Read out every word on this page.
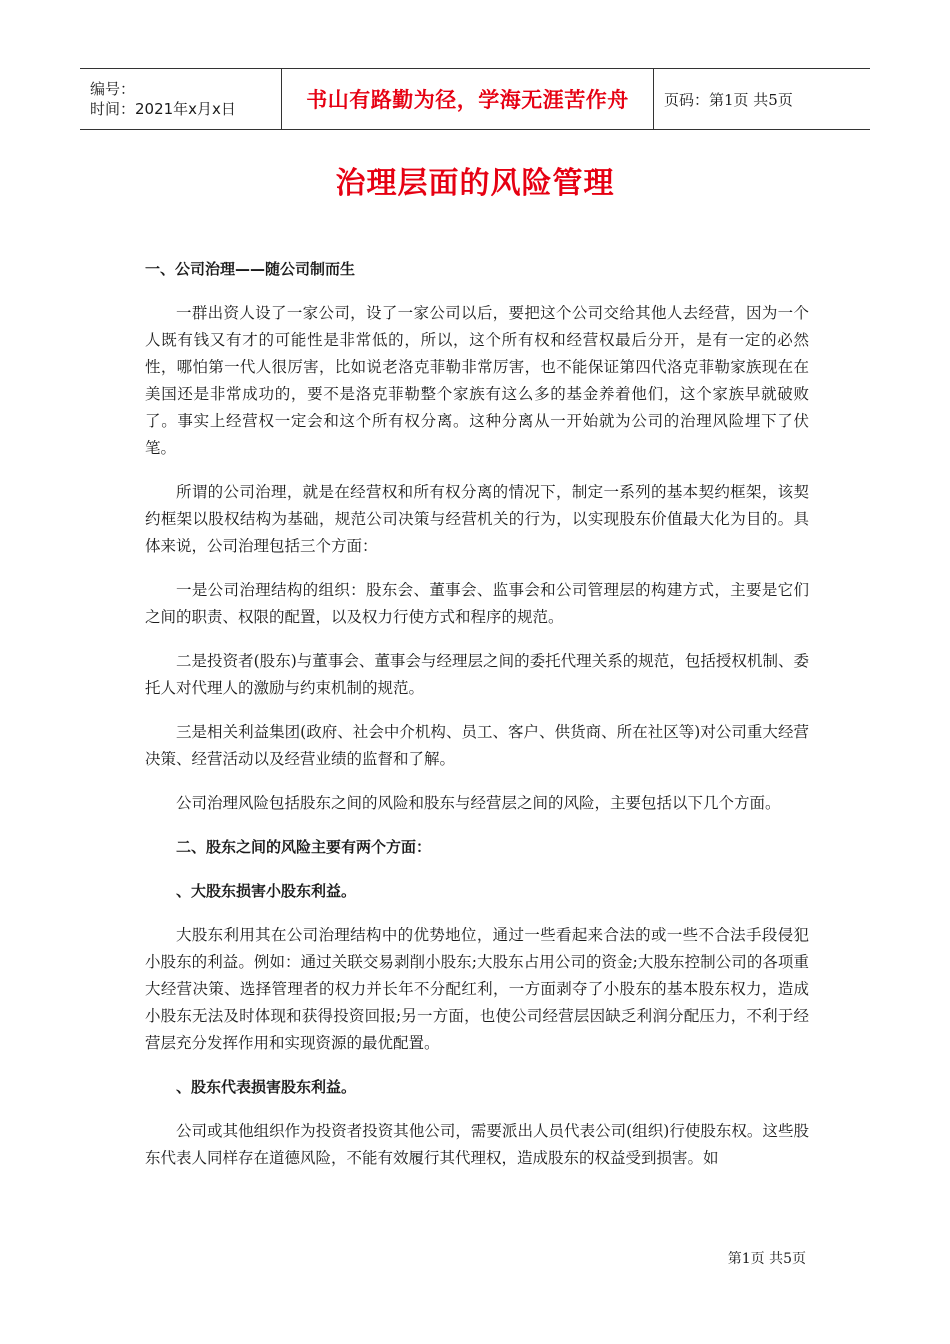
编号：
时间：2021年x月x日	书山有路勤为径，学海无涯苦作舟 页码：第1页 共5页
治理层面的风险管理

一、公司治理——随公司制而生

一群出资人设了一家公司，设了一家公司以后，要把这个公司交给其他人去经营，因为一个人既有钱又有才的可能性是非常低的，所以，这个所有权和经营权最后分开，是有一定的必然性，哪怕第一代人很厉害，比如说老洛克菲勒非常厉害，也不能保证第四代洛克菲勒家族现在在美国还是非常成功的，要不是洛克菲勒整个家族有这么多的基金养着他们，这个家族早就破败了。事实上经营权一定会和这个所有权分离。这种分离从一开始就为公司的治理风险埋下了伏笔。

所谓的公司治理，就是在经营权和所有权分离的情况下，制定一系列的基本契约框架，该契约框架以股权结构为基础，规范公司决策与经营机关的行为，以实现股东价值最大化为目的。具体来说，公司治理包括三个方面：

一是公司治理结构的组织：股东会、董事会、监事会和公司管理层的构建方式，主要是它们之间的职责、权限的配置，以及权力行使方式和程序的规范。

二是投资者(股东)与董事会、董事会与经理层之间的委托代理关系的规范，包括授权机制、委托人对代理人的激励与约束机制的规范。

三是相关利益集团(政府、社会中介机构、员工、客户、供货商、所在社区等)对公司重大经营决策、经营活动以及经营业绩的监督和了解。

公司治理风险包括股东之间的风险和股东与经营层之间的风险，主要包括以下几个方面。

二、股东之间的风险主要有两个方面：

、大股东损害小股东利益。

大股东利用其在公司治理结构中的优势地位，通过一些看起来合法的或一些不合法手段侵犯小股东的利益。例如：通过关联交易剥削小股东;大股东占用公司的资金;大股东控制公司的各项重大经营决策、选择管理者的权力并长年不分配红利，一方面剥夺了小股东的基本股东权力，造成小股东无法及时体现和获得投资回报;另一方面，也使公司经营层因缺乏利润分配压力，不利于经营层充分发挥作用和实现资源的最优配置。

、股东代表损害股东利益。

公司或其他组织作为投资者投资其他公司，需要派出人员代表公司(组织)行使股东权。这些股东代表人同样存在道德风险，不能有效履行其代理权，造成股东的权益受到损害。如

第1页 共5页
